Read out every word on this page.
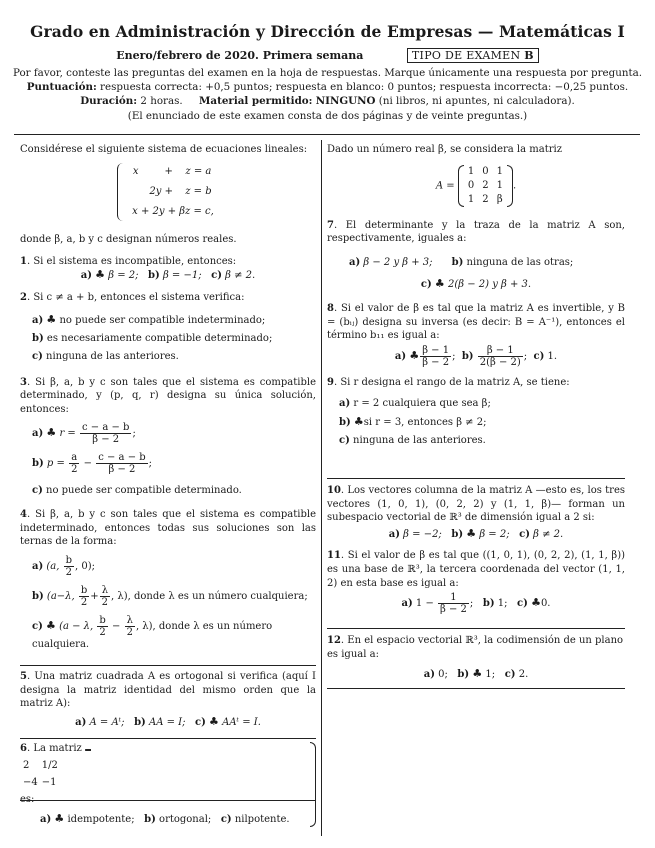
Grado en Administración y Dirección de Empresas — Matemáticas I
Enero/febrero de 2020. Primera semana	TIPO DE EXAMEN B
Por favor, conteste las preguntas del examen en la hoja de respuestas. Marque únicamente una respuesta por pregunta.
Puntuación: respuesta correcta: +0,5 puntos; respuesta en blanco: 0 puntos; respuesta incorrecta: −0,25 puntos.
Duración: 2 horas. Material permitido: NINGUNO (ni libros, ni apuntes, ni calculadora).
(El enunciado de este examen consta de dos páginas y de veinte preguntas.)

Considérese el siguiente sistema de ecuaciones lineales:

x	+	z = a
	2y +	z = b
x + 2y + βz = c,		

donde β, a, b y c designan números reales.

1. Si el sistema es incompatible, entonces:

a) ♣ β = 2; b) β = −1; c) β ≠ 2.

2. Si c ≠ a + b, entonces el sistema verifica:

a) ♣ no puede ser compatible indeterminado;
b) es necesariamente compatible determinado;
c) ninguna de las anteriores.

3. Si β, a, b y c son tales que el sistema es compatible determinado, y (p, q, r) designa su única solución, entonces:

a) ♣ $r = \frac{c - a - b}{\beta - 2}$ ;
b) $p = \frac{a}{2} - \frac{c - a - b}{\beta - 2}$ ;
c) no puede ser compatible determinado.

4. Si β, a, b y c son tales que el sistema es compatible indeterminado, entonces todas sus soluciones son las ternas de la forma:

a) (a, $\frac{b}{2}$ , 0);
b) (a−λ, $\frac{b}{2} + \frac{\lambda}{2}$ , λ), donde λ es un número cualquiera;
c) ♣ (a − λ, $\frac{b}{2} - \frac{\lambda}{2}$ , λ), donde λ es un número cualquiera.

5. Una matriz cuadrada A es ortogonal si verifica (aquí I designa la matriz identidad del mismo orden que la matriz A):

a) A = Aᵗ; b) AA = I; c) ♣ AAᵗ = I.

6. La matriz

2	1/2
−4	−1

a) ♣ idempotente; b) ortogonal; c) nilpotente.

Dado un número real β, se considera la matriz

A =
1	0	1
0	2	1
1	2	β
.

7. El determinante y la traza de la matriz A son, respectivamente, iguales a:

a) β − 2 y β + 3; b) ninguna de las otras;

c) ♣ 2(β − 2) y β + 3.

8. Si el valor de β es tal que la matriz A es invertible, y B = (bᵢⱼ) designa su inversa (es decir: B = A⁻¹), entonces el término b₁₁ es igual a:

a) ♣ $\frac{\beta - 1}{\beta - 2}$ ; $b) \frac{\beta - 1}{2(\beta - 2)}$ ; c) 1.

9. Si r designa el rango de la matriz A, se tiene:

a) r = 2 cualquiera que sea β;
b) ♣si r = 3, entonces β ≠ 2;
c) ninguna de las anteriores.

10. Los vectores columna de la matriz A —esto es, los tres vectores (1, 0, 1), (0, 2, 2) y (1, 1, β)— forman un subespacio vectorial de ℝ³ de dimensión igual a 2 si:

a) β = −2; b) ♣ β = 2; c) β ≠ 2.

11. Si el valor de β es tal que ((1, 0, 1), (0, 2, 2), (1, 1, β)) es una base de ℝ³, la tercera coordenada del vector (1, 1, 2) en esta base es igual a:

a) $1 - \frac{1}{\beta - 2}$ ; b) 1; c) ♣0.

12. En el espacio vectorial ℝ³, la codimensión de un plano es igual a:

a) 0; b) ♣ 1; c) 2.
